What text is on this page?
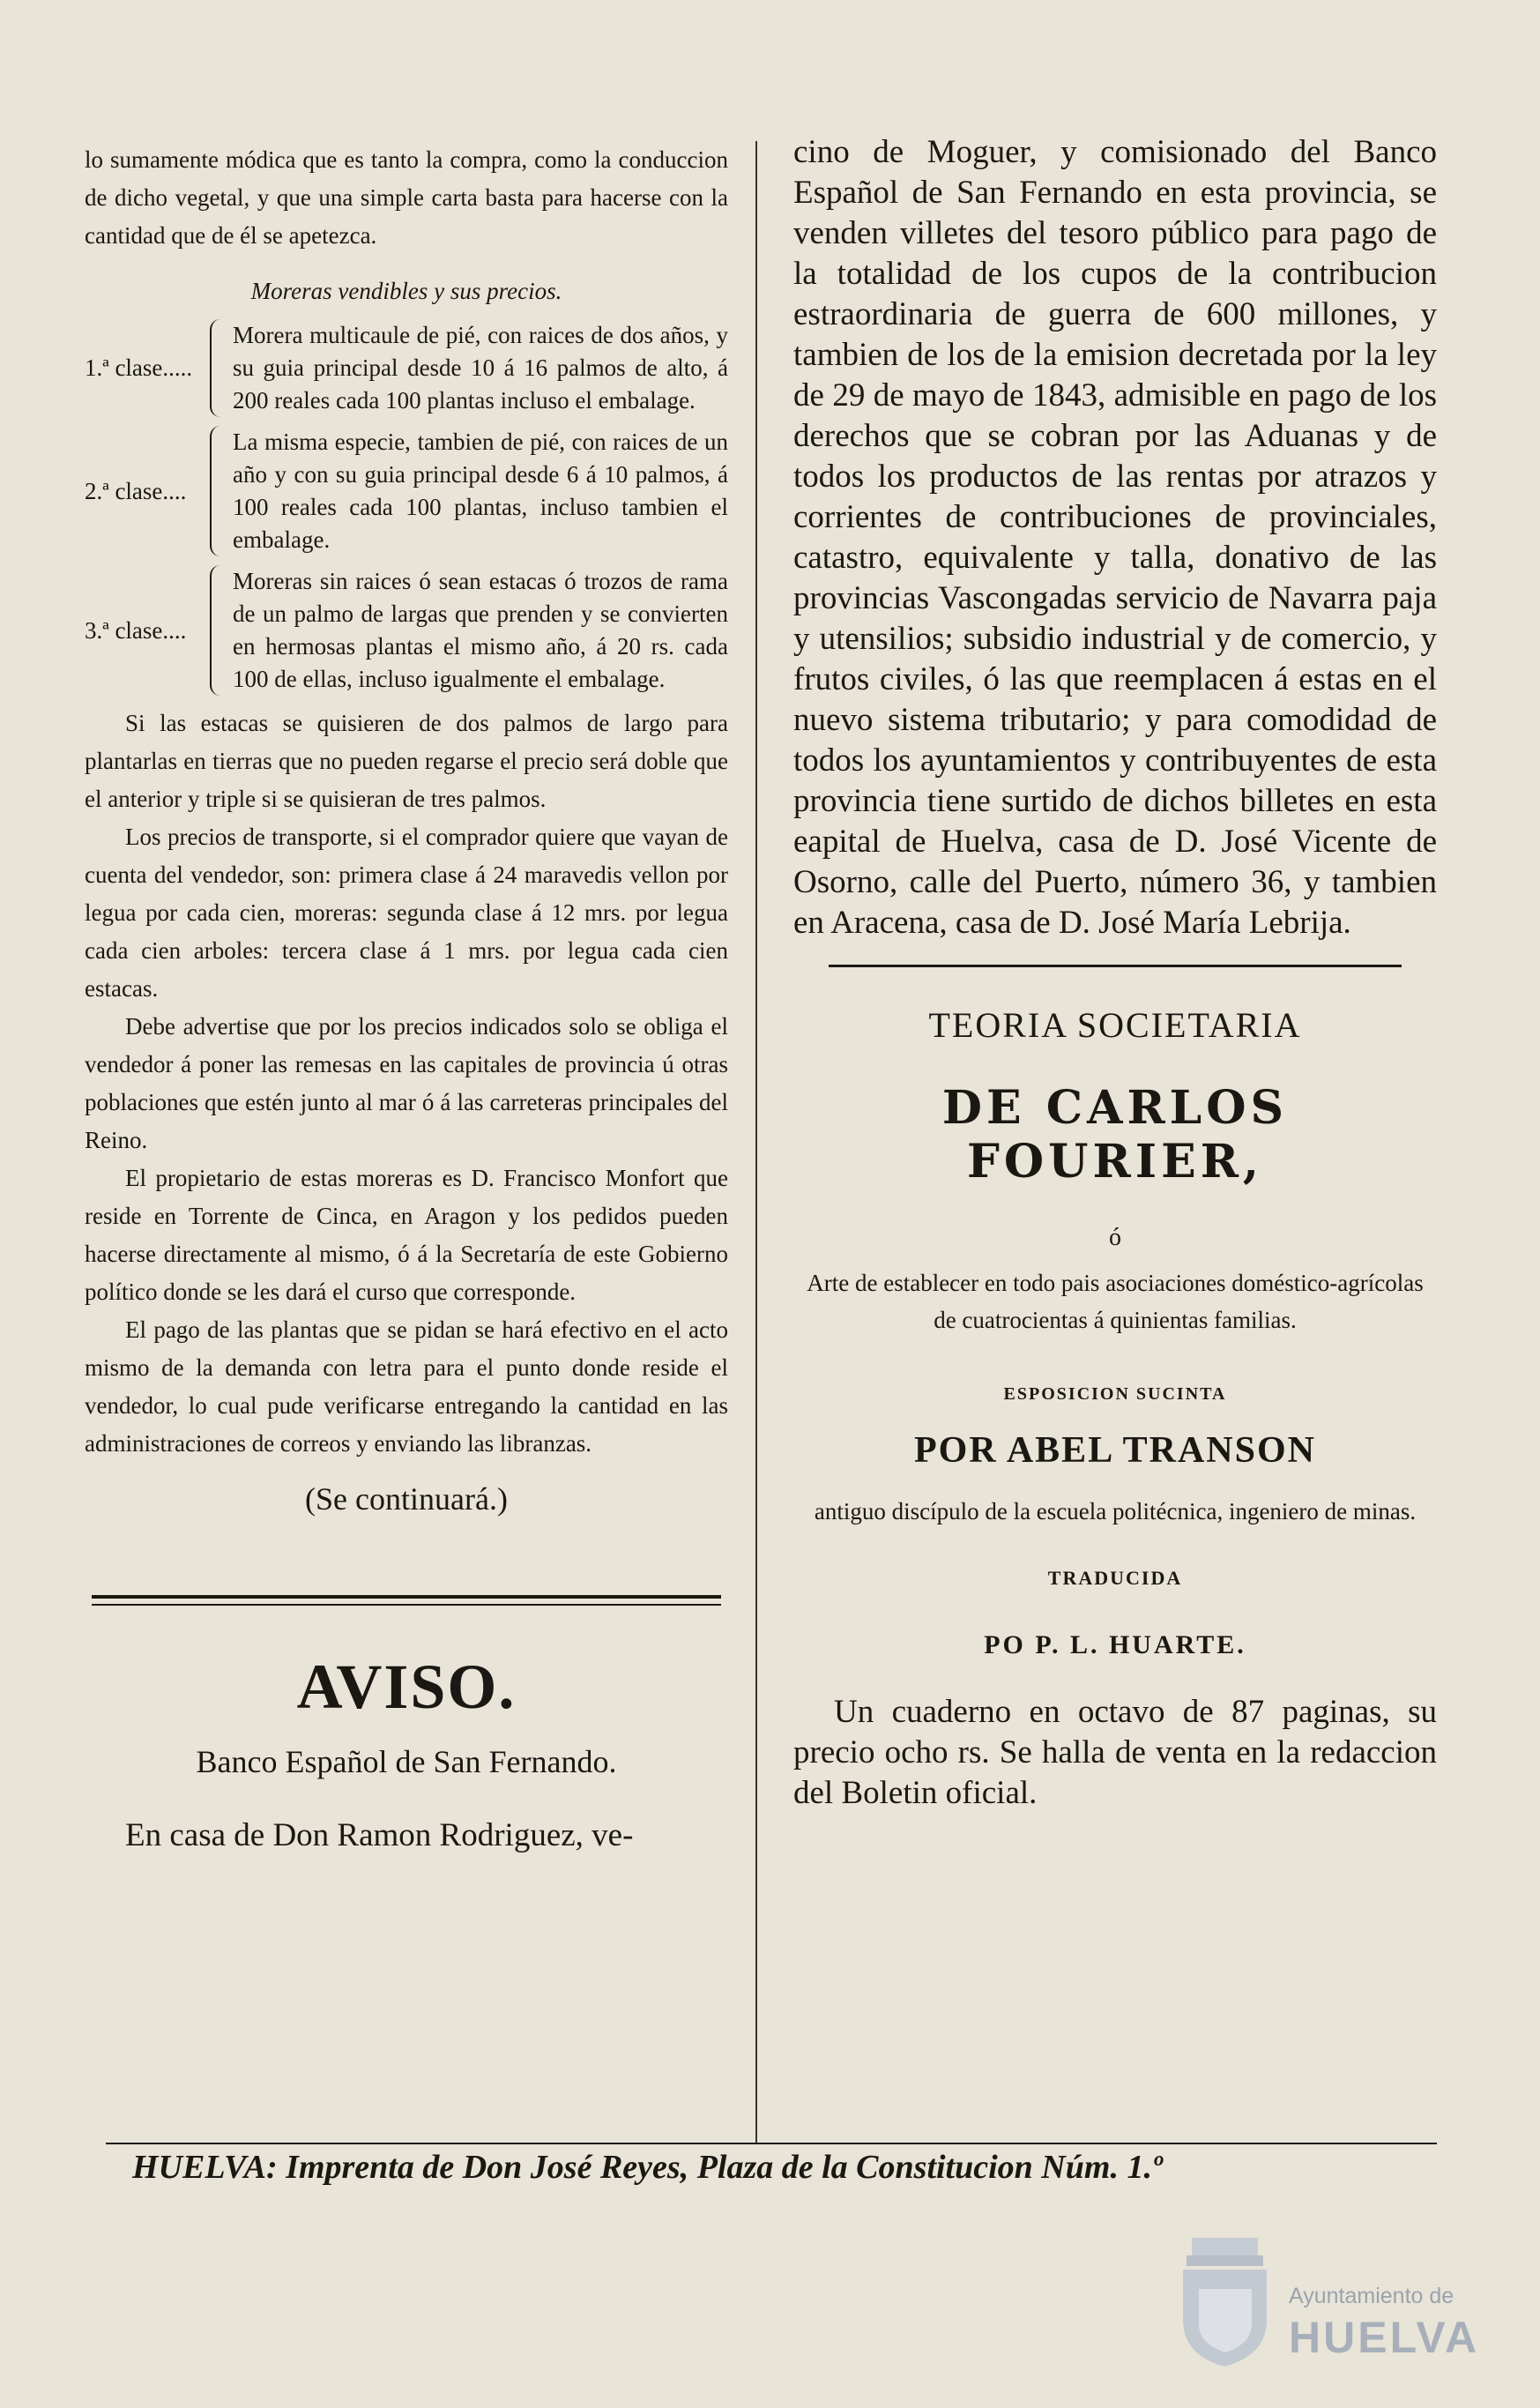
lo sumamente módica que es tanto la compra, como la conduccion de dicho vegetal, y que una simple carta basta para hacerse con la cantidad que de él se apetezca.

Moreras vendibles y sus precios.
1.ª clase.....
Morera multicaule de pié, con raices de dos años, y su guia principal desde 10 á 16 palmos de alto, á 200 reales cada 100 plantas incluso el embalage.
2.ª clase....
La misma especie, tambien de pié, con raices de un año y con su guia principal desde 6 á 10 palmos, á 100 reales cada 100 plantas, incluso tambien el embalage.
3.ª clase....
Moreras sin raices ó sean estacas ó trozos de rama de un palmo de largas que prenden y se convierten en hermosas plantas el mismo año, á 20 rs. cada 100 de ellas, incluso igualmente el embalage.

Si las estacas se quisieren de dos palmos de largo para plantarlas en tierras que no pueden regarse el precio será doble que el anterior y triple si se quisieran de tres palmos.

Los precios de transporte, si el comprador quiere que vayan de cuenta del vendedor, son: primera clase á 24 maravedis vellon por legua por cada cien, moreras: segunda clase á 12 mrs. por legua cada cien arboles: tercera clase á 1 mrs. por legua cada cien estacas.

Debe advertise que por los precios indicados solo se obliga el vendedor á poner las remesas en las capitales de provincia ú otras poblaciones que estén junto al mar ó á las carreteras principales del Reino.

El propietario de estas moreras es D. Francisco Monfort que reside en Torrente de Cinca, en Aragon y los pedidos pueden hacerse directamente al mismo, ó á la Secretaría de este Gobierno político donde se les dará el curso que corresponde.

El pago de las plantas que se pidan se hará efectivo en el acto mismo de la demanda con letra para el punto donde reside el vendedor, lo cual pude verificarse entregando la cantidad en las administraciones de correos y enviando las libranzas.

(Se continuará.)
AVISO.
Banco Español de San Fernando.
En casa de Don Ramon Rodriguez, ve-

cino de Moguer, y comisionado del Banco Español de San Fernando en esta provincia, se venden villetes del tesoro público para pago de la totalidad de los cupos de la contribucion estraordinaria de guerra de 600 millones, y tambien de los de la emision decretada por la ley de 29 de mayo de 1843, admisible en pago de los derechos que se cobran por las Aduanas y de todos los productos de las rentas por atrazos y corrientes de contribuciones de provinciales, catastro, equivalente y talla, donativo de las provincias Vascongadas servicio de Navarra paja y utensilios; subsidio industrial y de comercio, y frutos civiles, ó las que reemplacen á estas en el nuevo sistema tributario; y para comodidad de todos los ayuntamientos y contribuyentes de esta provincia tiene surtido de dichos billetes en esta eapital de Huelva, casa de D. José Vicente de Osorno, calle del Puerto, número 36, y tambien en Aracena, casa de D. José María Lebrija.

TEORIA SOCIETARIA
DE CARLOS FOURIER,
ó
Arte de establecer en todo pais asociaciones doméstico-agrícolas de cuatrocientas á quinientas familias.
ESPOSICION SUCINTA
POR ABEL TRANSON
antiguo discípulo de la escuela politécnica, ingeniero de minas.
TRADUCIDA
PO P. L. HUARTE.
Un cuaderno en octavo de 87 paginas, su precio ocho rs. Se halla de venta en la redaccion del Boletin oficial.
HUELVA: Imprenta de Don José Reyes, Plaza de la Constitucion Núm. 1.º
Ayuntamiento de
HUELVA
